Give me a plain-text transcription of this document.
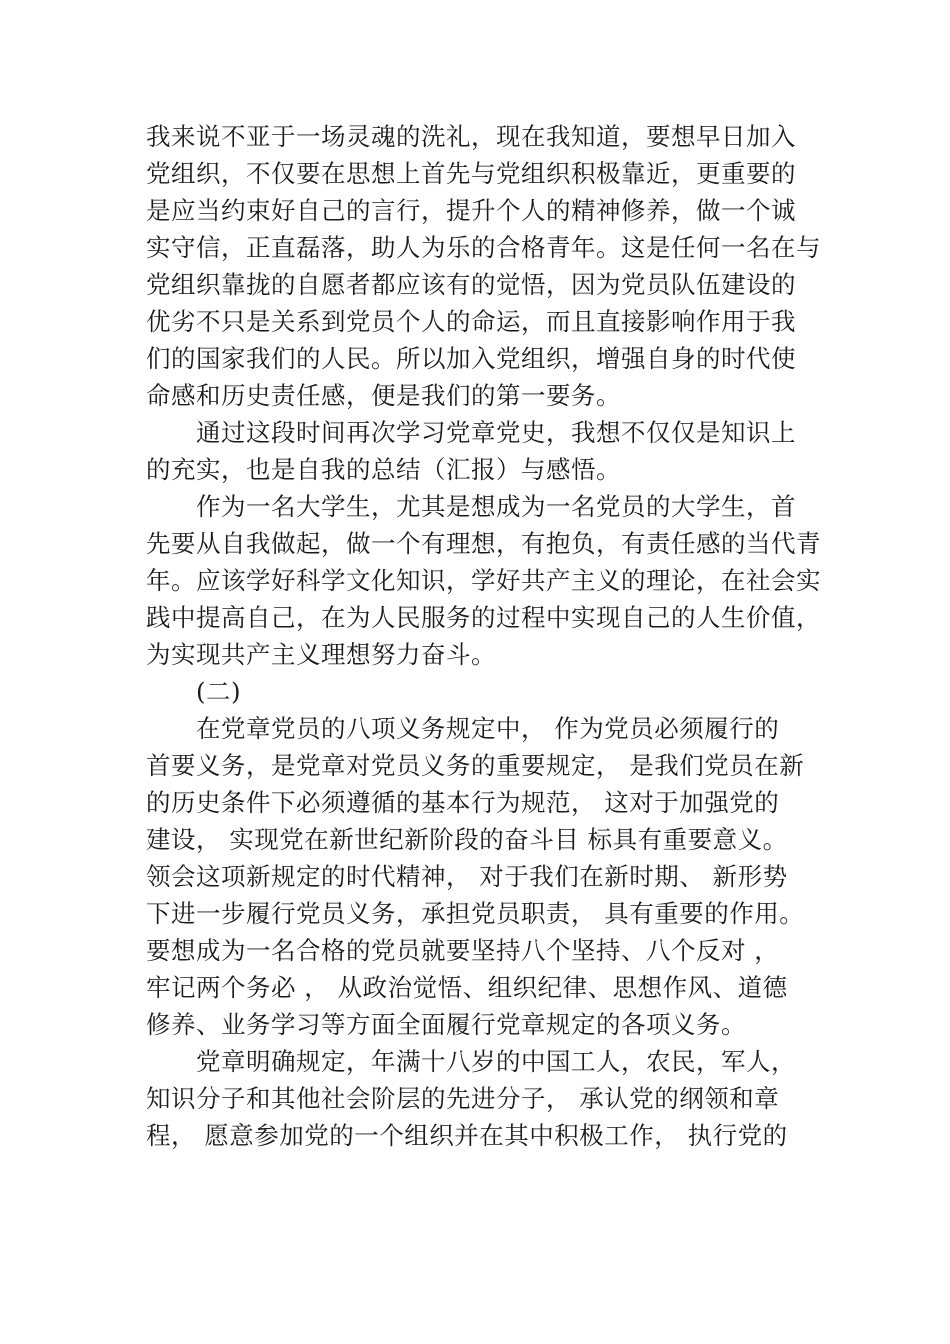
我来说不亚于一场灵魂的洗礼，现在我知道，要想早日加入
党组织，不仅要在思想上首先与党组织积极靠近，更重要的
是应当约束好自己的言行，提升个人的精神修养，做一个诚
实守信，正直磊落，助人为乐的合格青年。这是任何一名在与
党组织靠拢的自愿者都应该有的觉悟，因为党员队伍建设的
优劣不只是关系到党员个人的命运，而且直接影响作用于我
们的国家我们的人民。所以加入党组织，增强自身的时代使
命感和历史责任感，便是我们的第一要务。
通过这段时间再次学习党章党史，我想不仅仅是知识上
的充实，也是自我的总结（汇报）与感悟。
作为一名大学生，尤其是想成为一名党员的大学生，首
先要从自我做起，做一个有理想，有抱负，有责任感的当代青
年。应该学好科学文化知识，学好共产主义的理论，在社会实
践中提高自己，在为人民服务的过程中实现自己的人生价值，
为实现共产主义理想努力奋斗。
(二)
在党章党员的八项义务规定中， 作为党员必须履行的
首要义务，是党章对党员义务的重要规定， 是我们党员在新
的历史条件下必须遵循的基本行为规范， 这对于加强党的
建设， 实现党在新世纪新阶段的奋斗目 标具有重要意义。
领会这项新规定的时代精神， 对于我们在新时期、 新形势
下进一步履行党员义务，承担党员职责， 具有重要的作用。
要想成为一名合格的党员就要坚持八个坚持、八个反对 ，
牢记两个务必 ， 从政治觉悟、组织纪律、思想作风、道德
修养、业务学习等方面全面履行党章规定的各项义务。
党章明确规定，年满十八岁的中国工人，农民，军人，
知识分子和其他社会阶层的先进分子， 承认党的纲领和章
程， 愿意参加党的一个组织并在其中积极工作， 执行党的
